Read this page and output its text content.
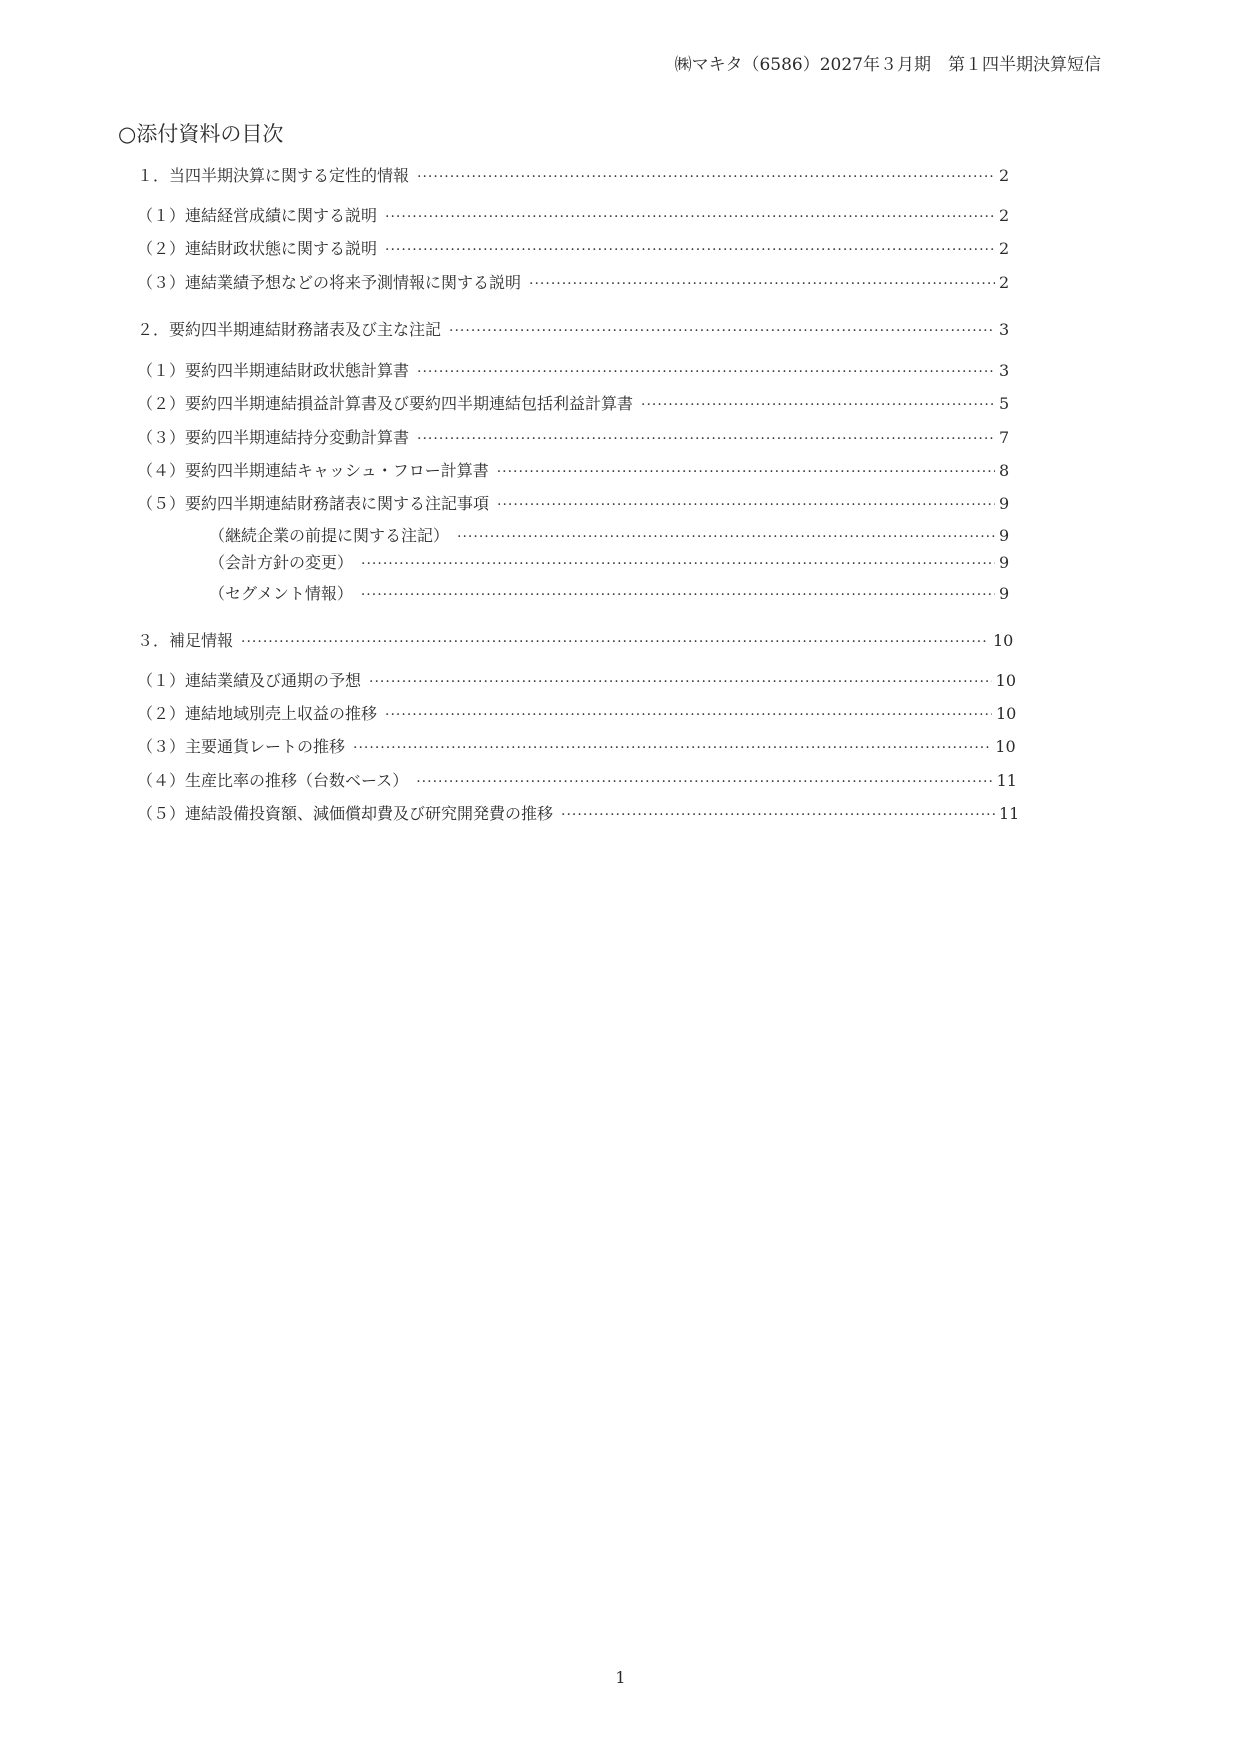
㈱マキタ（6586）2027年３月期　第１四半期決算短信
○添付資料の目次
１． 当四半期決算に関する定性的情報 ·····	2
（１） 連結経営成績に関する説明 ·····	2
（２） 連結財政状態に関する説明 ·····	2
（３） 連結業績予想などの将来予測情報に関する説明 ·····	2
２． 要約四半期連結財務諸表及び主な注記 ·····	3
（１） 要約四半期連結財政状態計算書 ·····	3
（２） 要約四半期連結損益計算書及び要約四半期連結包括利益計算書 ·····	5
（３） 要約四半期連結持分変動計算書 ·····	7
（４） 要約四半期連結キャッシュ・フロー計算書 ·····	8
（５） 要約四半期連結財務諸表に関する注記事項 ·····	9
（継続企業の前提に関する注記） ·····	9
（会計方針の変更） ·····	9
（セグメント情報） ·····	9
３． 補足情報 ·····	10
（１） 連結業績及び通期の予想 ·····	10
（２） 連結地域別売上収益の推移 ·····	10
（３） 主要通貨レートの推移 ·····	10
（４） 生産比率の推移（台数ベース） ·····	11
（５） 連結設備投資額、減価償却費及び研究開発費の推移 ·····	11
1
